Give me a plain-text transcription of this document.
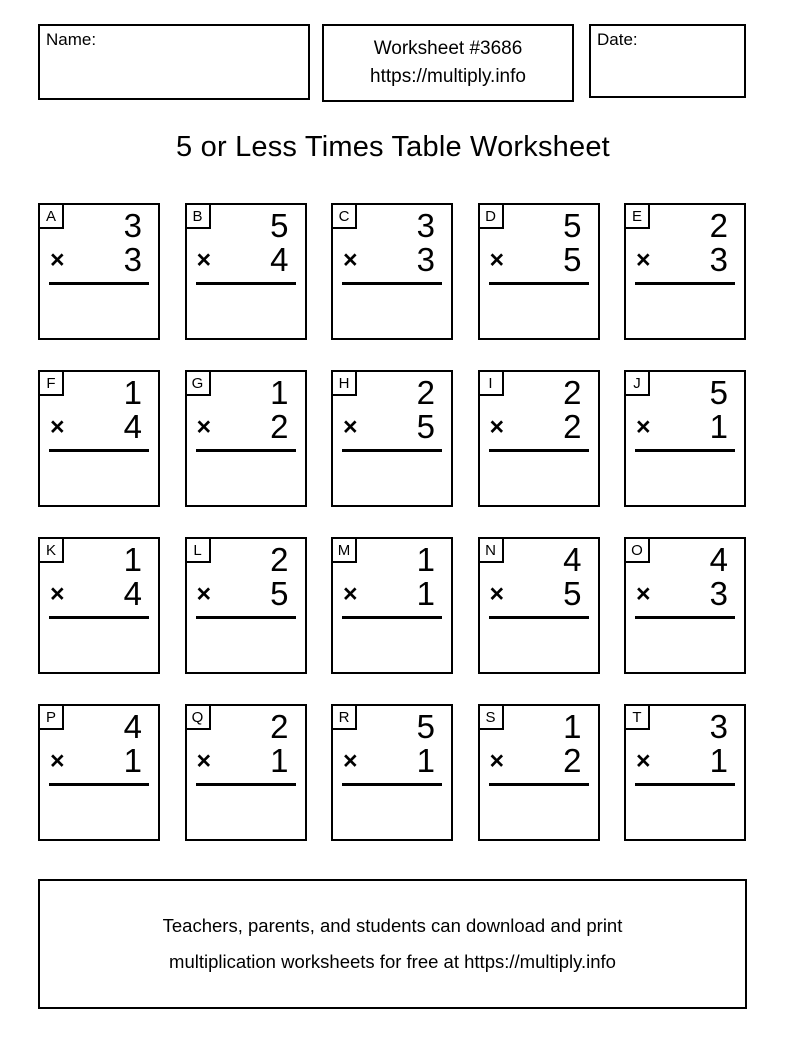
Name:	Worksheet #3686
https://multiply.info
Date:
5 or Less Times Table Worksheet
A	3
× 3
B	5
× 4
C	3
× 3
D	5
× 5
E	2
× 3
F	1
× 4
G	1
× 2
H	2
× 5
I	2
× 2
J	5
× 1
K	1
× 4
L	2
× 5
M	1
× 1
N	4
× 5
O	4
× 3
P	4
× 1
Q	2
× 1
R	5
× 1
S	1
× 2
T	3
× 1
Teachers, parents, and students can download and print
multiplication worksheets for free at https://multiply.info
